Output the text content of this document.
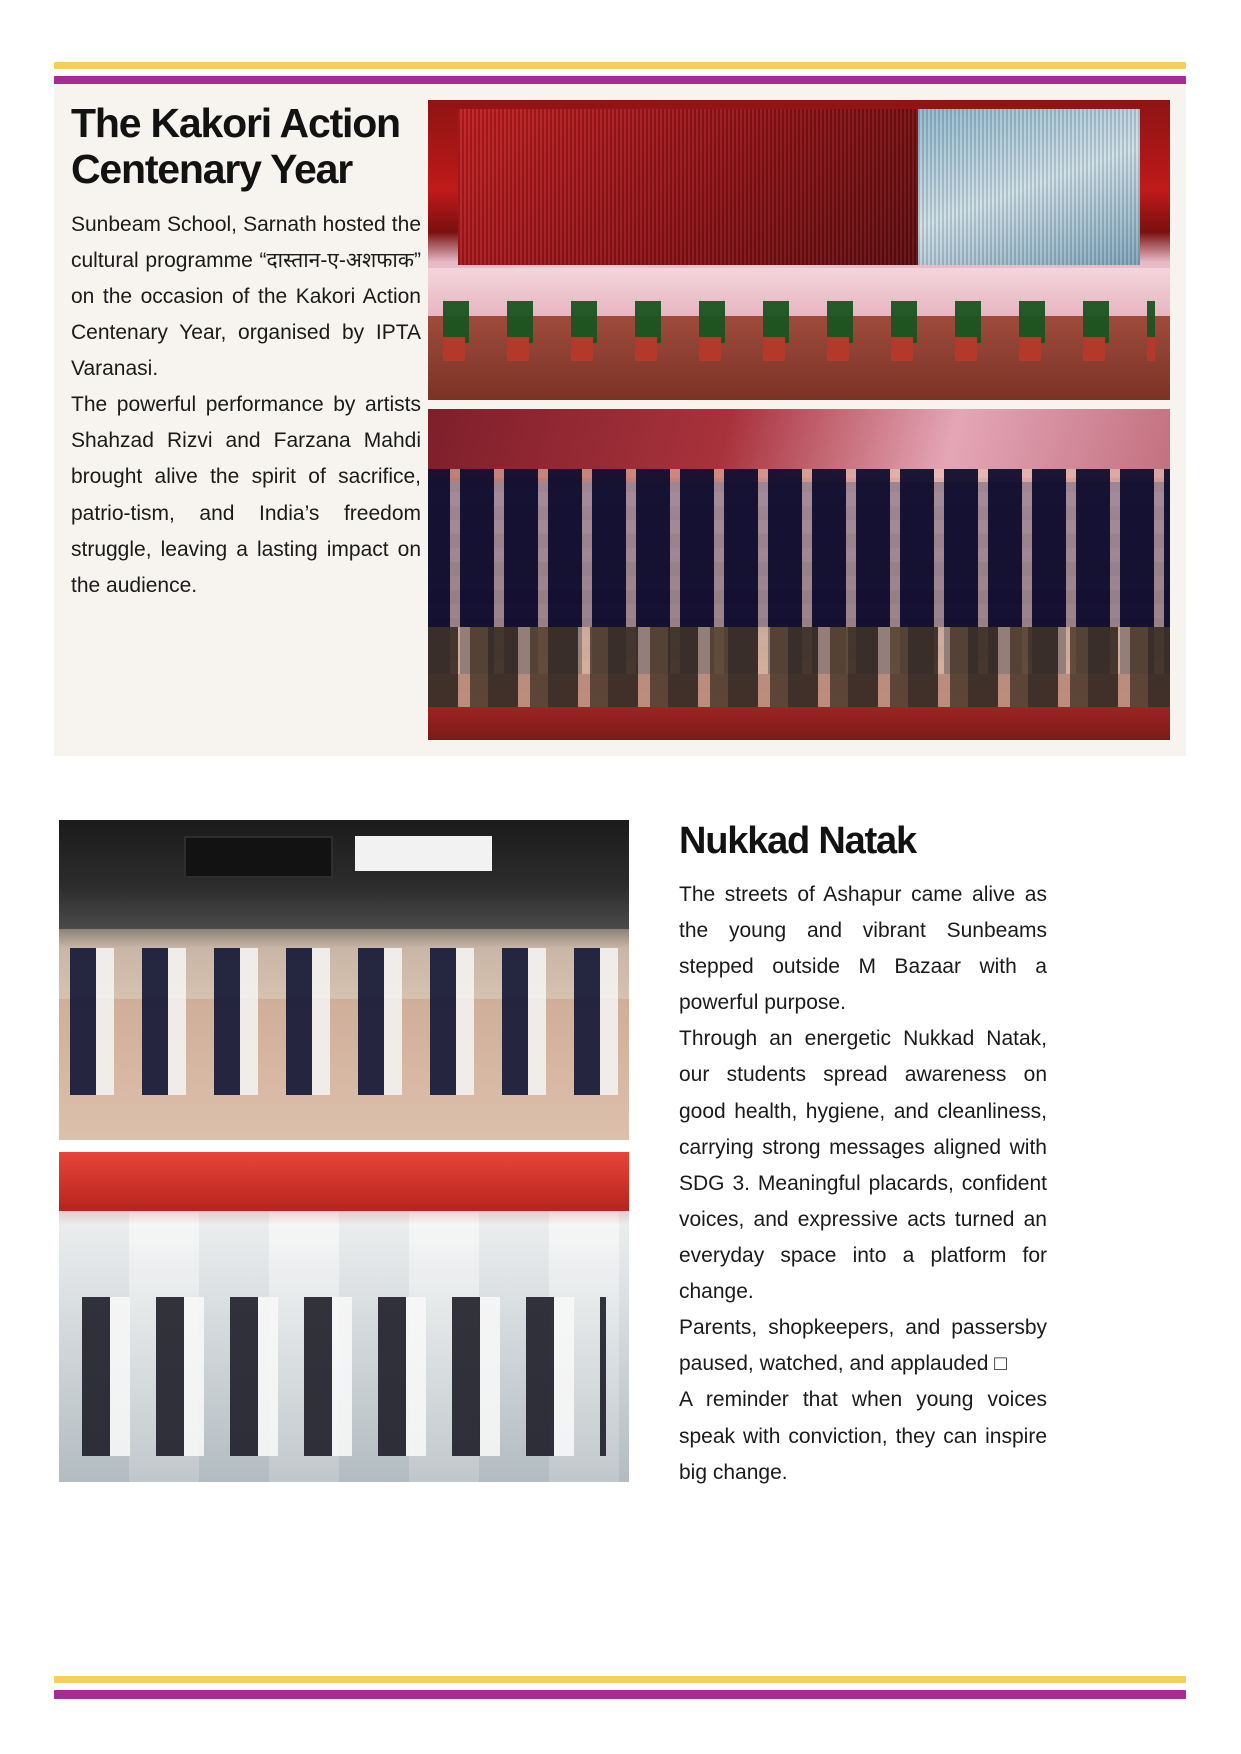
The Kakori Action Centenary Year

Sunbeam School, Sarnath hosted the cultural programme “दास्तान-ए-अशफाक” on the occasion of the Kakori Action Centenary Year, organised by IPTA Varanasi.

The powerful performance by artists Shahzad Rizvi and Farzana Mahdi brought alive the spirit of sacrifice, patrio-tism, and India’s freedom struggle, leaving a lasting impact on the audience.

Nukkad Natak

The streets of Ashapur came alive as the young and vibrant Sunbeams stepped outside M Bazaar with a powerful purpose.

Through an energetic Nukkad Natak, our students spread awareness on good health, hygiene, and cleanliness, carrying strong messages aligned with SDG 3. Meaningful placards, confident voices, and expressive acts turned an everyday space into a platform for change.

Parents, shopkeepers, and passersby paused, watched, and applauded □

A reminder that when young voices speak with conviction, they can inspire big change.
